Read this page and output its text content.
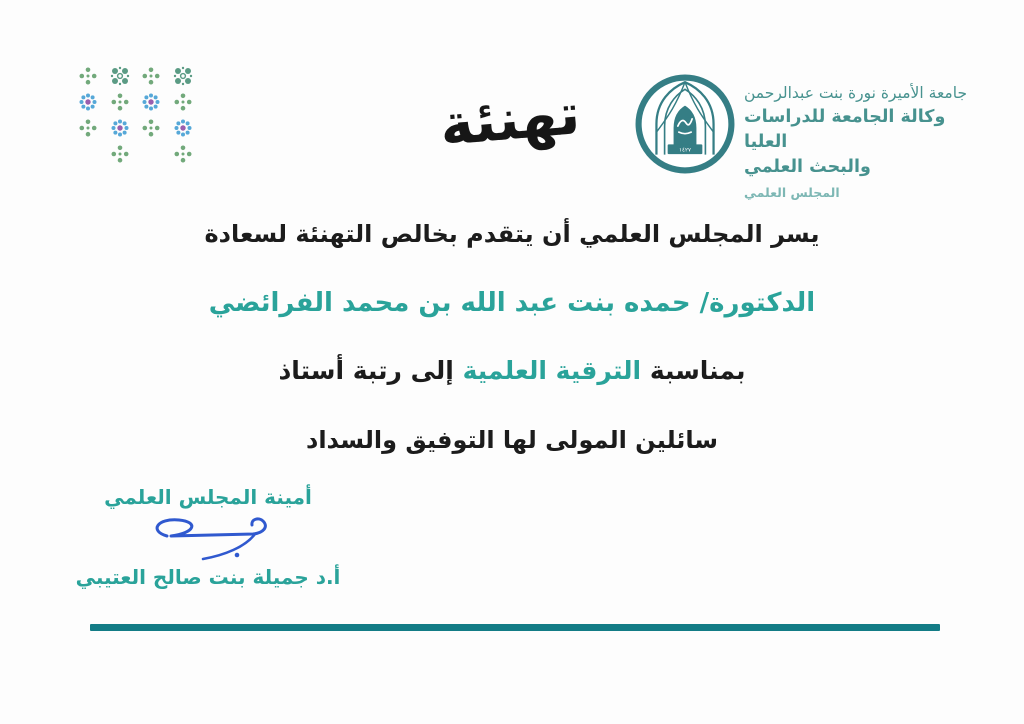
تهنئة	جامعة الأميرة نورة بنت عبدالرحمن
وكالة الجامعة للدراسات العليا
والبحث العلمي
المجلس العلمي
١٤٢٧
يسر المجلس العلمي أن يتقدم بخالص التهنئة لسعادة
الدكتورة/ حمده بنت عبد الله بن محمد الفرائضي
بمناسبة الترقية العلمية إلى رتبة أستاذ
سائلين المولى لها التوفيق والسداد
أمينة المجلس العلمي
أ.د جميلة بنت صالح العتيبي
